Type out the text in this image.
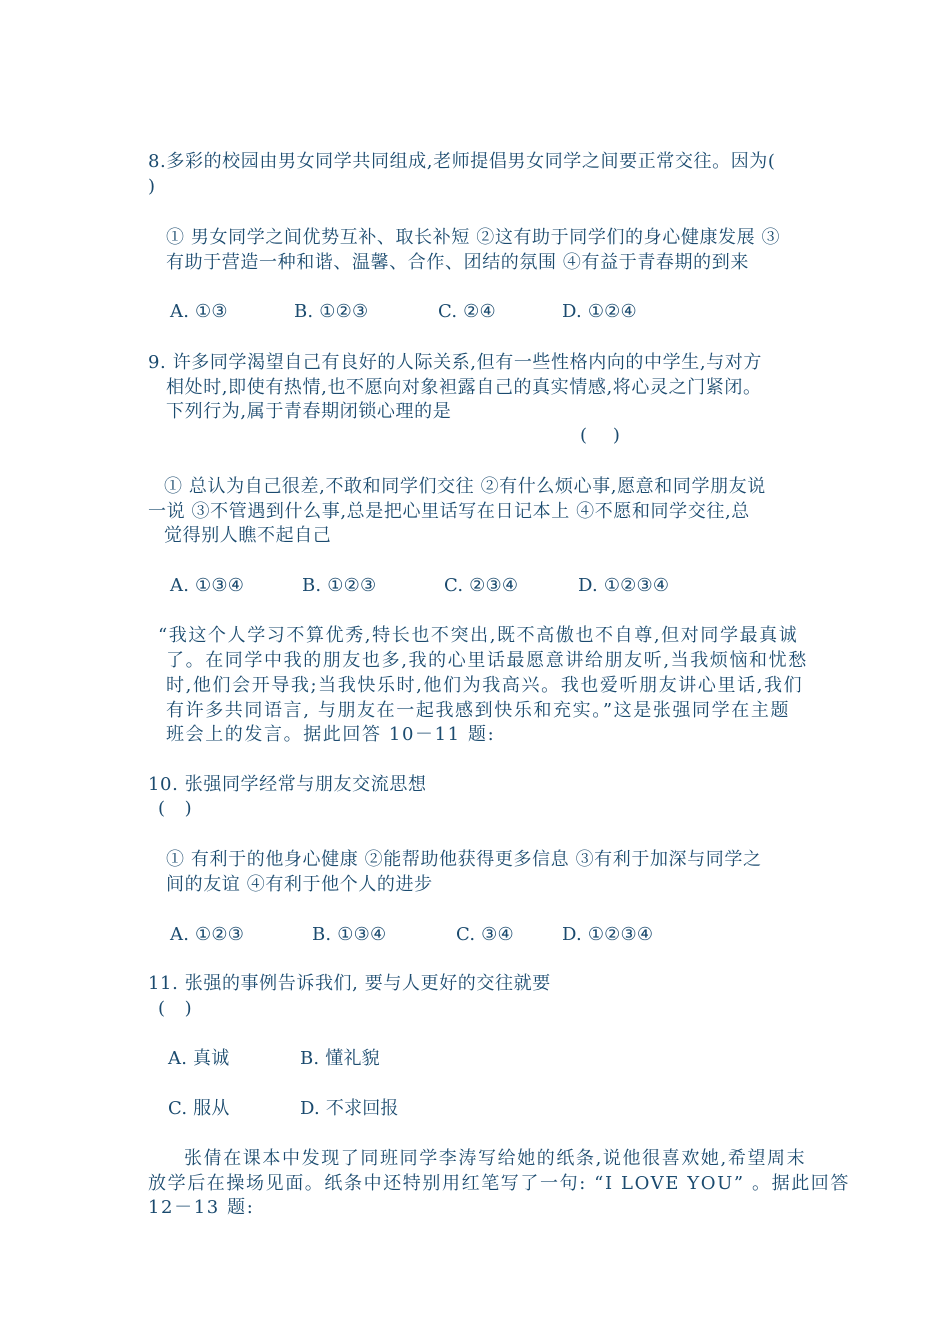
8.多彩的校园由男女同学共同组成,老师提倡男女同学之间要正常交往。因为(
)
① 男女同学之间优势互补、取长补短 ②这有助于同学们的身心健康发展 ③
有助于营造一种和谐、温馨、合作、团结的氛围 ④有益于青春期的到来
A. ①③	B. ①②③	C. ②④	D. ①②④
9. 许多同学渴望自己有良好的人际关系,但有一些性格内向的中学生,与对方
相处时,即使有热情,也不愿向对象袒露自己的真实情感,将心灵之门紧闭。
下列行为,属于青春期闭锁心理的是
(    )
① 总认为自己很差,不敢和同学们交往 ②有什么烦心事,愿意和同学朋友说
一说 ③不管遇到什么事,总是把心里话写在日记本上 ④不愿和同学交往,总
觉得别人瞧不起自己
A. ①③④	B. ①②③	C. ②③④	D. ①②③④
“我这个人学习不算优秀,特长也不突出,既不高傲也不自尊,但对同学最真诚
了。在同学中我的朋友也多,我的心里话最愿意讲给朋友听,当我烦恼和忧愁
时,他们会开导我;当我快乐时,他们为我高兴。我也爱听朋友讲心里话,我们
有许多共同语言, 与朋友在一起我感到快乐和充实。”这是张强同学在主题
班会上的发言。据此回答 10－11 题:
10. 张强同学经常与朋友交流思想
(   )
① 有利于的他身心健康 ②能帮助他获得更多信息 ③有利于加深与同学之
间的友谊 ④有利于他个人的进步
A. ①②③	B. ①③④	C. ③④	D. ①②③④
11. 张强的事例告诉我们, 要与人更好的交往就要
(   )
A. 真诚	B. 懂礼貌
C. 服从	D. 不求回报
张倩在课本中发现了同班同学李涛写给她的纸条,说他很喜欢她,希望周末
放学后在操场见面。纸条中还特别用红笔写了一句: “I LOVE YOU” 。据此回答
12－13 题:
